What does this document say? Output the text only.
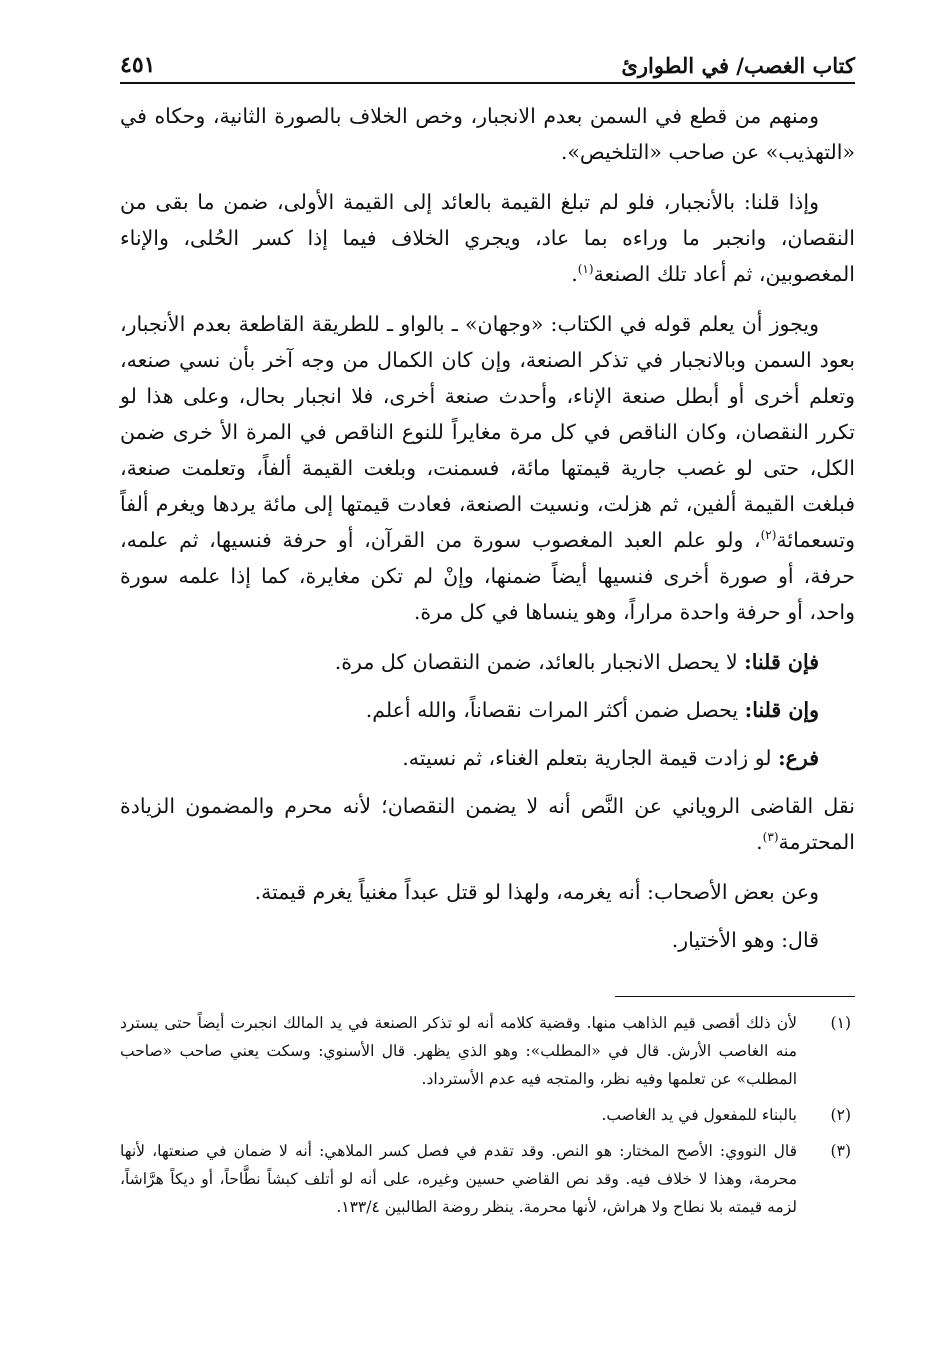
كتاب الغصب/ في الطوارئ
٤٥١

ومنهم من قطع في السمن بعدم الانجبار، وخص الخلاف بالصورة الثانية، وحكاه في «التهذيب» عن صاحب «التلخيص».

وإذا قلنا: بالأنجبار، فلو لم تبلغ القيمة بالعائد إلى القيمة الأولى، ضمن ما بقى من النقصان، وانجبر ما وراءه بما عاد، ويجري الخلاف فيما إذا كسر الحُلى، والإناء المغصوبين، ثم أعاد تلك الصنعة$^{(١)}$.

ويجوز أن يعلم قوله في الكتاب: «وجهان» ـ بالواو ـ للطريقة القاطعة بعدم الأنجبار، بعود السمن وبالانجبار في تذكر الصنعة، وإن كان الكمال من وجه آخر بأن نسي صنعه، وتعلم أخرى أو أبطل صنعة الإناء، وأحدث صنعة أخرى، فلا انجبار بحال، وعلى هذا لو تكرر النقصان، وكان الناقص في كل مرة مغايراً للنوع الناقص في المرة الأ خرى ضمن الكل، حتى لو غصب جارية قيمتها مائة، فسمنت، وبلغت القيمة ألفاً، وتعلمت صنعة، فبلغت القيمة ألفين، ثم هزلت، ونسيت الصنعة، فعادت قيمتها إلى مائة يردها ويغرم ألفاً وتسعمائة$^{(٢)}$، ولو علم العبد المغصوب سورة من القرآن، أو حرفة فنسيها، ثم علمه، حرفة، أو صورة أخرى فنسيها أيضاً ضمنها، وإنْ لم تكن مغايرة، كما إذا علمه سورة واحد، أو حرفة واحدة مراراً، وهو ينساها في كل مرة.

فإن قلنا: لا يحصل الانجبار بالعائد، ضمن النقصان كل مرة.

وإن قلنا: يحصل ضمن أكثر المرات نقصاناً، والله أعلم.

فرع: لو زادت قيمة الجارية بتعلم الغناء، ثم نسيته.

نقل القاضى الروياني عن النَّص أنه لا يضمن النقصان؛ لأنه محرم والمضمون الزيادة المحترمة$^{(٣)}$.

وعن بعض الأصحاب: أنه يغرمه، ولهذا لو قتل عبداً مغنياً يغرم قيمتة.

قال: وهو الأختيار.

(١)
لأن ذلك أقصى قيم الذاهب منها. وقضية كلامه أنه لو تذكر الصنعة في يد المالك انجبرت أيضاً حتى يسترد منه الغاصب الأرش. قال في «المطلب»: وهو الذي يظهر. قال الأسنوي: وسكت يعني صاحب «صاحب المطلب» عن تعلمها وفيه نظر، والمتجه فيه عدم الأسترداد.
(٢)
بالبناء للمفعول في يد الغاصب.
(٣)
قال النووي: الأصح المختار: هو النص. وقد تقدم في فصل كسر الملاهي: أنه لا ضمان في صنعتها، لأنها محرمة، وهذا لا خلاف فيه. وقد نص القاضي حسين وغيره، على أنه لو أتلف كبشاً نطَّاحاً، أو ديكاً هرَّاشاً، لزمه قيمته بلا نطاح ولا هراش، لأنها محرمة. ينظر روضة الطالبين ١٣٣/٤.
